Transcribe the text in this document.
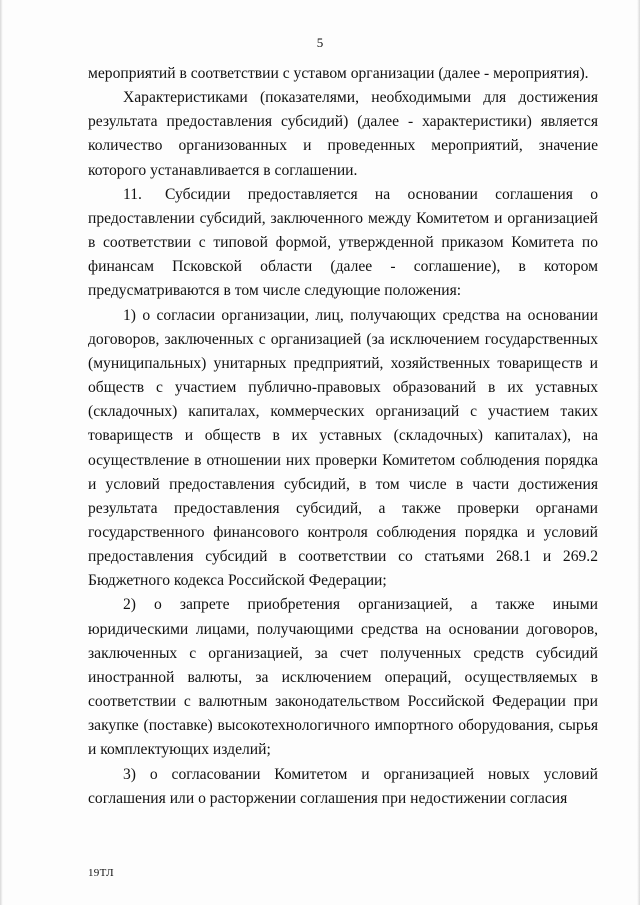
5

мероприятий в соответствии с уставом организации (далее - мероприятия).

Характеристиками (показателями, необходимыми для достижения результата предоставления субсидий) (далее - характеристики) является количество организованных и проведенных мероприятий, значение которого устанавливается в соглашении.

11. Субсидии предоставляется на основании соглашения о предоставлении субсидий, заключенного между Комитетом и организацией в соответствии с типовой формой, утвержденной приказом Комитета по финансам Псковской области (далее - соглашение), в котором предусматриваются в том числе следующие положения:

1) о согласии организации, лиц, получающих средства на основании договоров, заключенных с организацией (за исключением государственных (муниципальных) унитарных предприятий, хозяйственных товариществ и обществ с участием публично-правовых образований в их уставных (складочных) капиталах, коммерческих организаций с участием таких товариществ и обществ в их уставных (складочных) капиталах), на осуществление в отношении них проверки Комитетом соблюдения порядка и условий предоставления субсидий, в том числе в части достижения результата предоставления субсидий, а также проверки органами государственного финансового контроля соблюдения порядка и условий предоставления субсидий в соответствии со статьями 268.1 и 269.2 Бюджетного кодекса Российской Федерации;

2) о запрете приобретения организацией, а также иными юридическими лицами, получающими средства на основании договоров, заключенных с организацией, за счет полученных средств субсидий иностранной валюты, за исключением операций, осуществляемых в соответствии с валютным законодательством Российской Федерации при закупке (поставке) высокотехнологичного импортного оборудования, сырья и комплектующих изделий;

3) о согласовании Комитетом и организацией новых условий соглашения или о расторжении соглашения при недостижении согласия

19ТЛ
